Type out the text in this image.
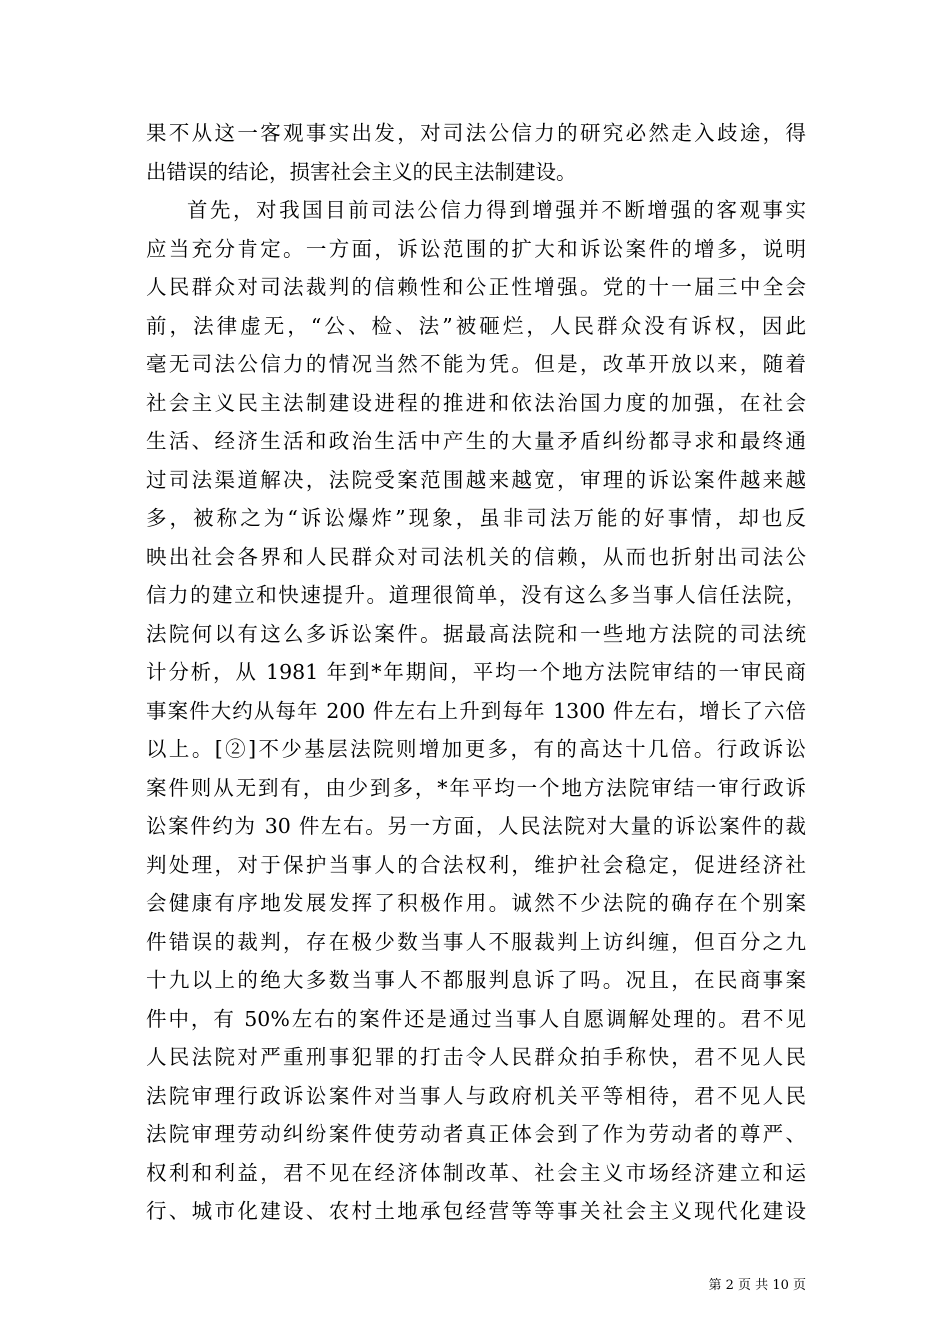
果不从这一客观事实出发，对司法公信力的研究必然走入歧途，得
出错误的结论，损害社会主义的民主法制建设。
首先，对我国目前司法公信力得到增强并不断增强的客观事实
应当充分肯定。一方面，诉讼范围的扩大和诉讼案件的增多，说明
人民群众对司法裁判的信赖性和公正性增强。党的十一届三中全会
前，法律虚无，“公、检、法”被砸烂，人民群众没有诉权，因此
毫无司法公信力的情况当然不能为凭。但是，改革开放以来，随着
社会主义民主法制建设进程的推进和依法治国力度的加强，在社会
生活、经济生活和政治生活中产生的大量矛盾纠纷都寻求和最终通
过司法渠道解决，法院受案范围越来越宽，审理的诉讼案件越来越
多，被称之为“诉讼爆炸”现象，虽非司法万能的好事情，却也反
映出社会各界和人民群众对司法机关的信赖，从而也折射出司法公
信力的建立和快速提升。道理很简单，没有这么多当事人信任法院，
法院何以有这么多诉讼案件。据最高法院和一些地方法院的司法统
计分析，从 1981 年到*年期间，平均一个地方法院审结的一审民商
事案件大约从每年 200 件左右上升到每年 1300 件左右，增长了六倍
以上。[②]不少基层法院则增加更多，有的高达十几倍。行政诉讼
案件则从无到有，由少到多，*年平均一个地方法院审结一审行政诉
讼案件约为 30 件左右。另一方面，人民法院对大量的诉讼案件的裁
判处理，对于保护当事人的合法权利，维护社会稳定，促进经济社
会健康有序地发展发挥了积极作用。诚然不少法院的确存在个别案
件错误的裁判，存在极少数当事人不服裁判上访纠缠，但百分之九
十九以上的绝大多数当事人不都服判息诉了吗。况且，在民商事案
件中，有 50%左右的案件还是通过当事人自愿调解处理的。君不见
人民法院对严重刑事犯罪的打击令人民群众拍手称快，君不见人民
法院审理行政诉讼案件对当事人与政府机关平等相待，君不见人民
法院审理劳动纠纷案件使劳动者真正体会到了作为劳动者的尊严、
权利和利益，君不见在经济体制改革、社会主义市场经济建立和运
行、城市化建设、农村土地承包经营等等事关社会主义现代化建设
第 2 页 共 10 页
